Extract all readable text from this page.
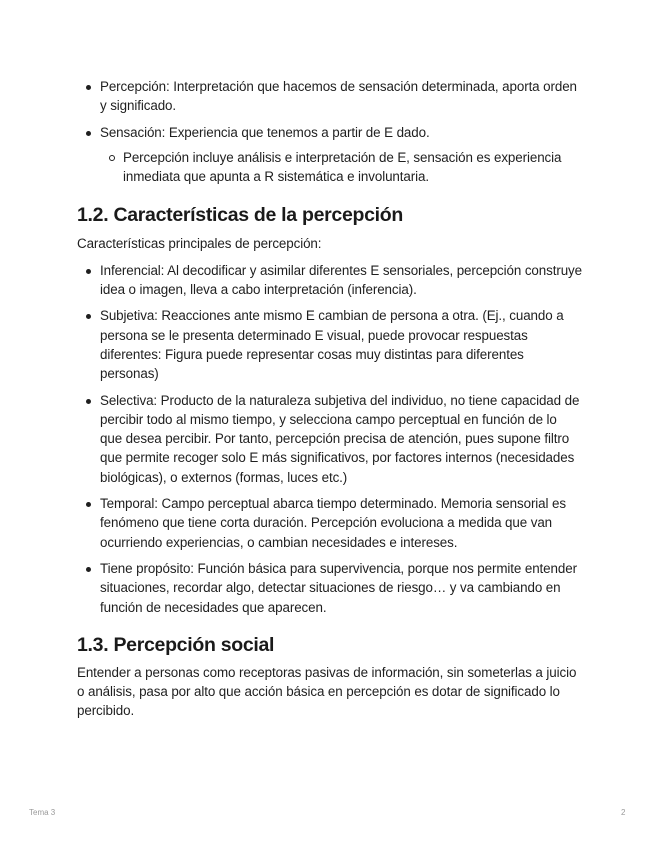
Percepción: Interpretación que hacemos de sensación determinada, aporta orden y significado.
Sensación: Experiencia que tenemos a partir de E dado.
Percepción incluye análisis e interpretación de E, sensación es experiencia inmediata que apunta a R sistemática e involuntaria.
1.2. Características de la percepción

Características principales de percepción:

Inferencial: Al decodificar y asimilar diferentes E sensoriales, percepción construye idea o imagen, lleva a cabo interpretación (inferencia).
Subjetiva: Reacciones ante mismo E cambian de persona a otra. (Ej., cuando a persona se le presenta determinado E visual, puede provocar respuestas diferentes: Figura puede representar cosas muy distintas para diferentes personas)
Selectiva: Producto de la naturaleza subjetiva del individuo, no tiene capacidad de percibir todo al mismo tiempo, y selecciona campo perceptual en función de lo que desea percibir. Por tanto, percepción precisa de atención, pues supone filtro que permite recoger solo E más significativos, por factores internos (necesidades biológicas), o externos (formas, luces etc.)
Temporal: Campo perceptual abarca tiempo determinado. Memoria sensorial es fenómeno que tiene corta duración. Percepción evoluciona a medida que van ocurriendo experiencias, o cambian necesidades e intereses.
Tiene propósito: Función básica para supervivencia, porque nos permite entender situaciones, recordar algo, detectar situaciones de riesgo… y va cambiando en función de necesidades que aparecen.
1.3. Percepción social

Entender a personas como receptoras pasivas de información, sin someterlas a juicio o análisis, pasa por alto que acción básica en percepción es dotar de significado lo percibido.

Tema 3	2
